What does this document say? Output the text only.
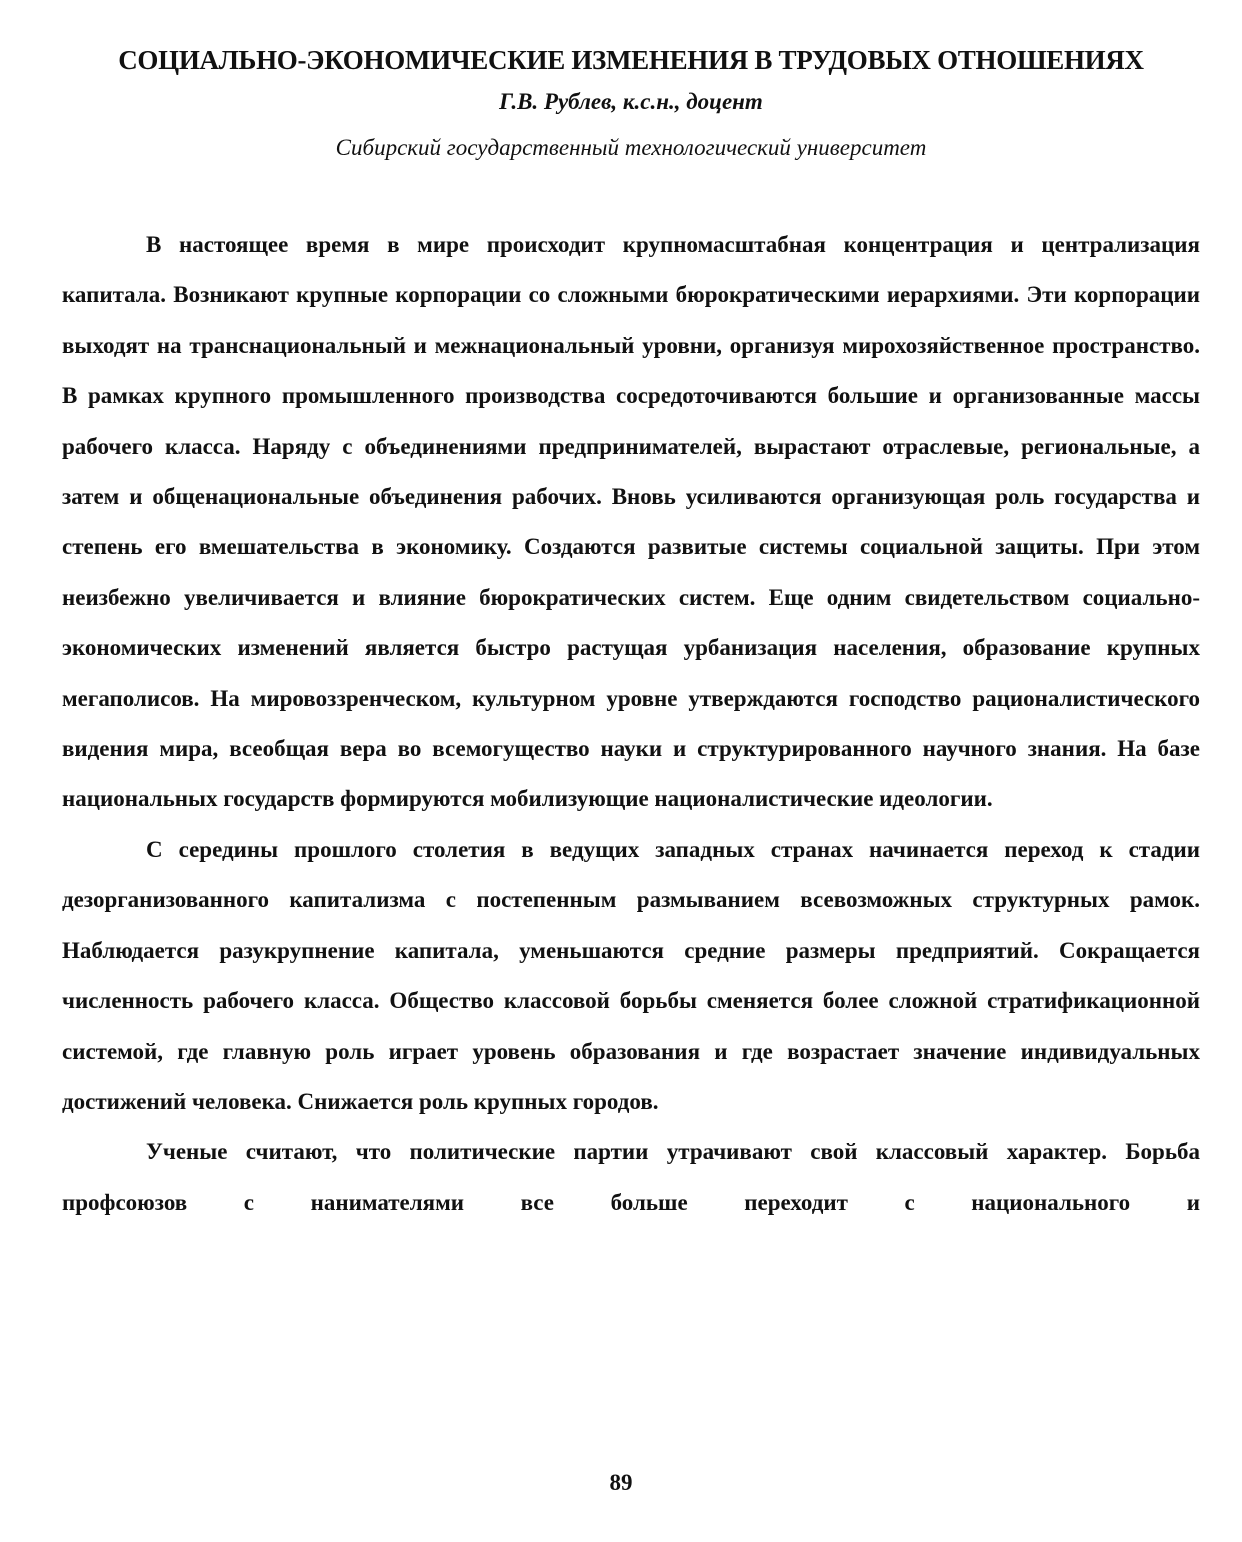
СОЦИАЛЬНО-ЭКОНОМИЧЕСКИЕ ИЗМЕНЕНИЯ В ТРУДОВЫХ ОТНОШЕНИЯХ

Г.В. Рублев, к.с.н., доцент

Сибирский государственный технологический университет

В настоящее время в мире происходит крупномасштабная концентрация и централизация капитала. Возникают крупные корпорации со сложными бюрократическими иерархиями. Эти корпорации выходят на транснациональный и межнациональный уровни, организуя мирохозяйственное пространство. В рамках крупного промышленного производства сосредоточиваются большие и организованные массы рабочего класса. Наряду с объединениями предпринимателей, вырастают отраслевые, региональные, а затем и общенациональные объединения рабочих. Вновь усиливаются организующая роль государства и степень его вмешательства в экономику. Создаются развитые системы социальной защиты. При этом неизбежно увеличивается и влияние бюрократических систем. Еще одним свидетельством социально-экономических изменений является быстро растущая урбанизация населения, образование крупных мегаполисов. На мировоззренческом, культурном уровне утверждаются господство рационалистического видения мира, всеобщая вера во всемогущество науки и структурированного научного знания. На базе национальных государств формируются мобилизующие националистические идеологии.

С середины прошлого столетия в ведущих западных странах начинается переход к стадии дезорганизованного капитализма с постепенным размыванием всевозможных структурных рамок. Наблюдается разукрупнение капитала, уменьшаются средние размеры предприятий. Сокращается численность рабочего класса. Общество классовой борьбы сменяется более сложной стратификационной системой, где главную роль играет уровень образования и где возрастает значение индивидуальных достижений человека. Снижается роль крупных городов.

Ученые считают, что политические партии утрачивают свой классовый характер. Борьба профсоюзов с нанимателями все больше переходит с национального и

89
